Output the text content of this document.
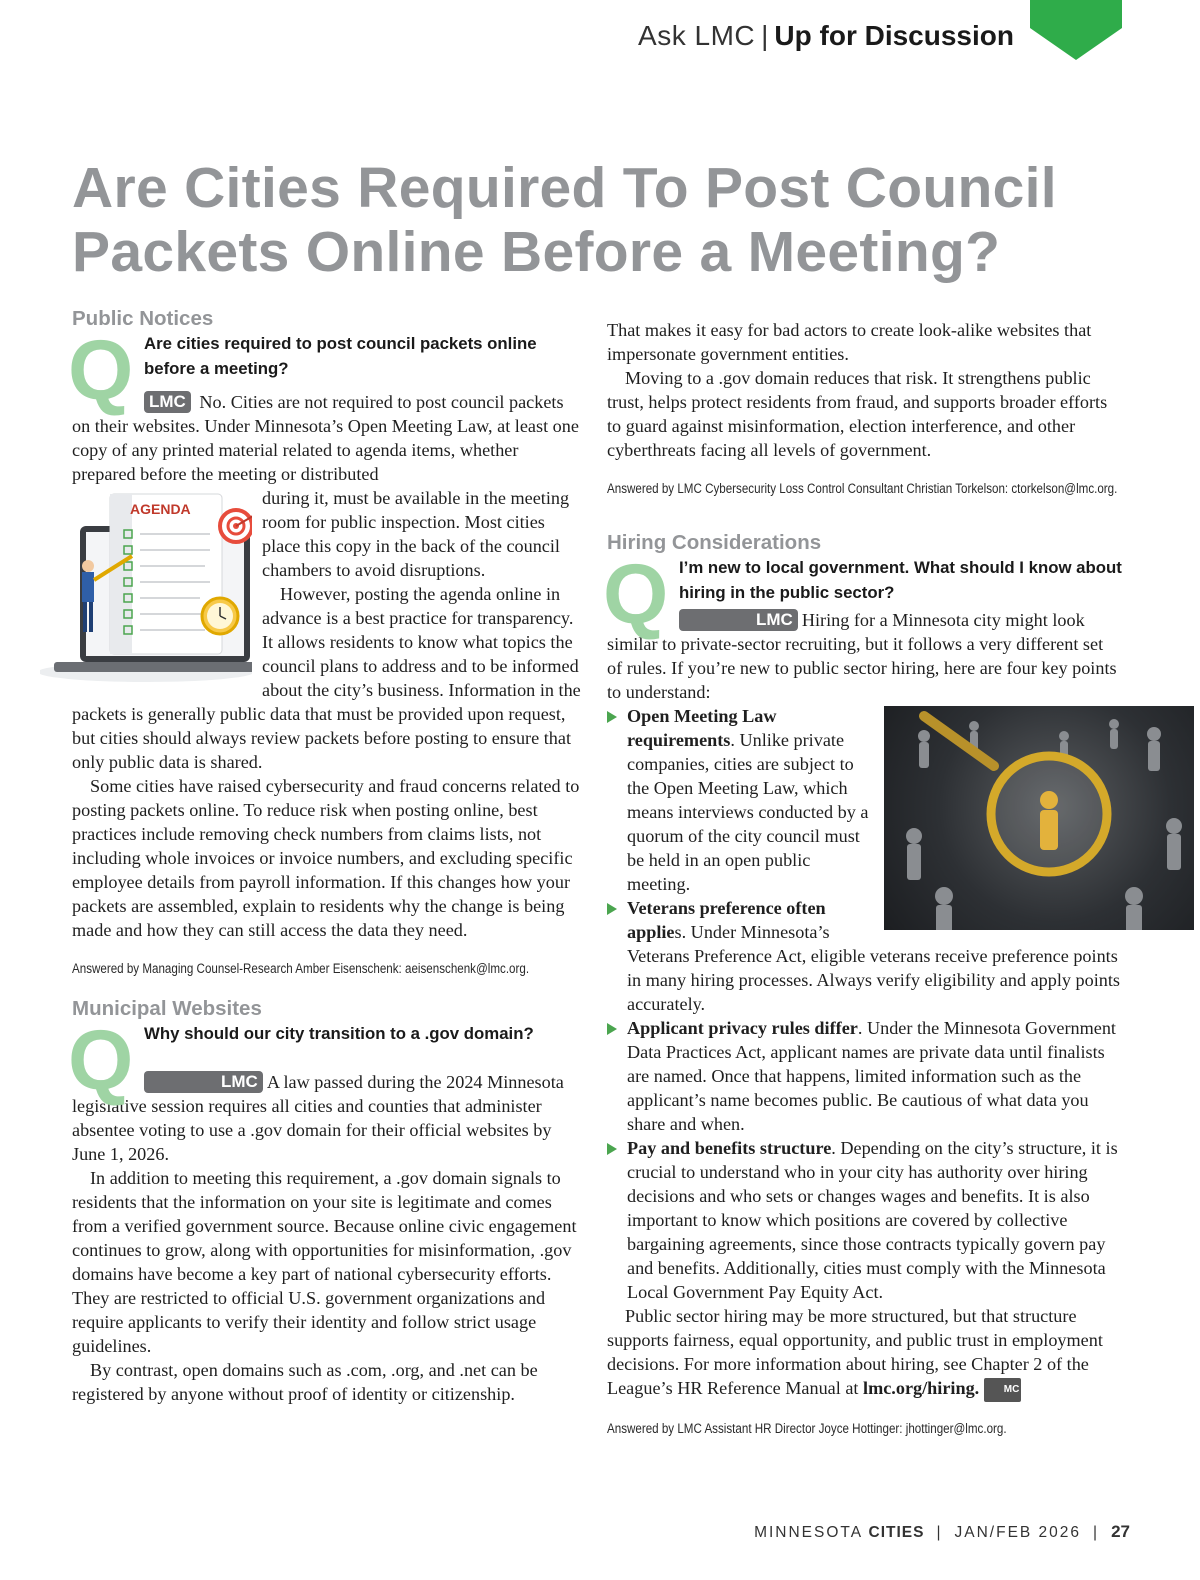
Ask LMC | Up for Discussion
Are Cities Required To Post Council Packets Online Before a Meeting?
Public Notices
Q Are cities required to post council packets online before a meeting?

LMC No. Cities are not required to post council packets on their websites. Under Minnesota’s Open Meeting Law, at least one copy of any printed material related to agenda items, whether prepared before the meeting or distributed

AGENDA

during it, must be available in the meeting room for public inspection. Most cities place this copy in the back of the council chambers to avoid disruptions.

However, posting the agenda online in advance is a best practice for transparency. It allows residents to know what topics the council plans to address and to be informed about the city’s business. Information in the packets is generally public data that must be provided upon request, but cities should always review packets before posting to ensure that only public data is shared.

Some cities have raised cybersecurity and fraud concerns related to posting packets online. To reduce risk when posting online, best practices include removing check numbers from claims lists, not including whole invoices or invoice numbers, and excluding specific employee details from payroll information. If this changes how your packets are assembled, explain to residents why the change is being made and how they can still access the data they need.

Answered by Managing Counsel-Research Amber Eisenschenk: aeisenschenk@lmc.org.
Municipal Websites
Q Why should our city transition to a .gov domain?

LMC A law passed during the 2024 Minnesota legislative session requires all cities and counties that administer absentee voting to use a .gov domain for their official websites by June 1, 2026.

In addition to meeting this requirement, a .gov domain signals to residents that the information on your site is legitimate and comes from a verified government source. Because online civic engagement continues to grow, along with opportunities for misinformation, .gov domains have become a key part of national cybersecurity efforts. They are restricted to official U.S. government organizations and require applicants to verify their identity and follow strict usage guidelines.

By contrast, open domains such as .com, .org, and .net can be registered by anyone without proof of identity or citizenship.

That makes it easy for bad actors to create look-alike websites that impersonate government entities.

Moving to a .gov domain reduces that risk. It strengthens public trust, helps protect residents from fraud, and supports broader efforts to guard against misinformation, election interference, and other cyberthreats facing all levels of government.

Answered by LMC Cybersecurity Loss Control Consultant Christian Torkelson: ctorkelson@lmc.org.
Hiring Considerations
Q I’m new to local government. What should I know about hiring in the public sector?

LMC Hiring for a Minnesota city might look similar to private-sector recruiting, but it follows a very different set of rules. If you’re new to public sector hiring, here are four key points to understand:

Open Meeting Law requirements. Unlike private companies, cities are subject to the Open Meeting Law, which means interviews conducted by a quorum of the city council must be held in an open public meeting.
Veterans preference often applies. Under Minnesota’s Veterans Preference Act, eligible veterans receive preference points in many hiring processes. Always verify eligibility and apply points accurately.
Applicant privacy rules differ. Under the Minnesota Government Data Practices Act, applicant names are private data until finalists are named. Once that happens, limited information such as the applicant’s name becomes public. Be cautious of what data you share and when.
Pay and benefits structure. Depending on the city’s structure, it is crucial to understand who in your city has authority over hiring decisions and who sets or changes wages and benefits. It is also important to know which positions are covered by collective bargaining agreements, since those contracts typically govern pay and benefits. Additionally, cities must comply with the Minnesota Local Government Pay Equity Act.

Public sector hiring may be more structured, but that structure supports fairness, equal opportunity, and public trust in employment decisions. For more information about hiring, see Chapter 2 of the League’s HR Reference Manual at lmc.org/hiring. MC

Answered by LMC Assistant HR Director Joyce Hottinger: jhottinger@lmc.org.
MINNESOTA CITIES | JAN/FEB 2026 | 27
